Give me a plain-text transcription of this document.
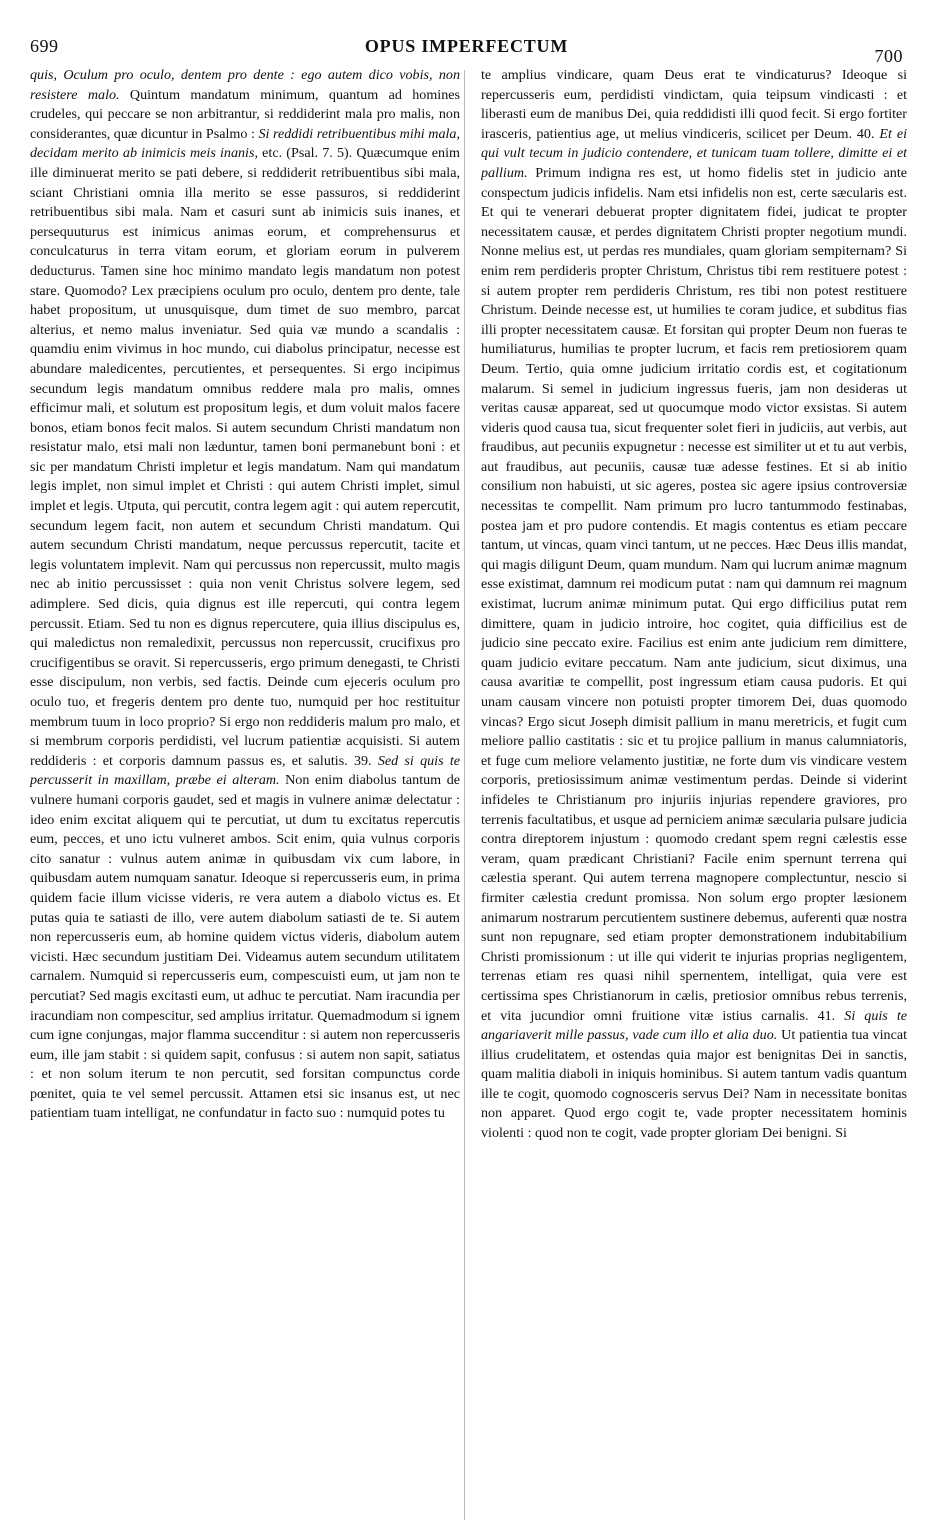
699	OPUS IMPERFECTUM	700

quis, Oculum pro oculo, dentem pro dente : ego autem dico vobis, non resistere malo. Quintum mandatum minimum, quantum ad homines crudeles, qui peccare se non arbitrantur, si reddiderint mala pro malis, non considerantes, quæ dicuntur in Psalmo : Si reddidi retribuentibus mihi mala, decidam merito ab inimicis meis inanis, etc. (Psal. 7. 5). Quæcumque enim ille diminuerat merito se pati debere, si reddiderit retribuentibus sibi mala, sciant Christiani omnia illa merito se esse passuros, si reddiderint retribuentibus sibi mala. Nam et casuri sunt ab inimicis suis inanes, et persequuturus est inimicus animas eorum, et comprehensurus et conculcaturus in terra vitam eorum, et gloriam eorum in pulverem deducturus. Tamen sine hoc minimo mandato legis mandatum non potest stare. Quomodo? Lex præcipiens oculum pro oculo, dentem pro dente, tale habet propositum, ut unusquisque, dum timet de suo membro, parcat alterius, et nemo malus inveniatur. Sed quia væ mundo a scandalis : quamdiu enim vivimus in hoc mundo, cui diabolus principatur, necesse est abundare maledicentes, percutientes, et persequentes. Si ergo incipimus secundum legis mandatum omnibus reddere mala pro malis, omnes efficimur mali, et solutum est propositum legis, et dum voluit malos facere bonos, etiam bonos fecit malos. Si autem secundum Christi mandatum non resistatur malo, etsi mali non læduntur, tamen boni permanebunt boni : et sic per mandatum Christi impletur et legis mandatum. Nam qui mandatum legis implet, non simul implet et Christi : qui autem Christi implet, simul implet et legis. Utputa, qui percutit, contra legem agit : qui autem repercutit, secundum legem facit, non autem et secundum Christi mandatum. Qui autem secundum Christi mandatum, neque percussus repercutit, tacite et legis voluntatem implevit. Nam qui percussus non repercussit, multo magis nec ab initio percussisset : quia non venit Christus solvere legem, sed adimplere. Sed dicis, quia dignus est ille repercuti, qui contra legem percussit. Etiam. Sed tu non es dignus repercutere, quia illius discipulus es, qui maledictus non remaledixit, percussus non repercussit, crucifixus pro crucifigentibus se oravit. Si repercusseris, ergo primum denegasti, te Christi esse discipulum, non verbis, sed factis. Deinde cum ejeceris oculum pro oculo tuo, et fregeris dentem pro dente tuo, numquid per hoc restituitur membrum tuum in loco proprio? Si ergo non reddideris malum pro malo, et si membrum corporis perdidisti, vel lucrum patientiæ acquisisti. Si autem reddideris : et corporis damnum passus es, et salutis. 39. Sed si quis te percusserit in maxillam, præbe ei alteram. Non enim diabolus tantum de vulnere humani corporis gaudet, sed et magis in vulnere animæ delectatur : ideo enim excitat aliquem qui te percutiat, ut dum tu excitatus repercutis eum, pecces, et uno ictu vulneret ambos. Scit enim, quia vulnus corporis cito sanatur : vulnus autem animæ in quibusdam vix cum labore, in quibusdam autem numquam sanatur. Ideoque si repercusseris eum, in prima quidem facie illum vicisse videris, re vera autem a diabolo victus es. Et putas quia te satiasti de illo, vere autem diabolum satiasti de te. Si autem non repercusseris eum, ab homine quidem victus videris, diabolum autem vicisti. Hæc secundum justitiam Dei. Videamus autem secundum utilitatem carnalem. Numquid si repercusseris eum, compescuisti eum, ut jam non te percutiat? Sed magis excitasti eum, ut adhuc te percutiat. Nam iracundia per iracundiam non compescitur, sed amplius irritatur. Quemadmodum si ignem cum igne conjungas, major flamma succenditur : si autem non repercusseris eum, ille jam stabit : si quidem sapit, confusus : si autem non sapit, satiatus : et non solum iterum te non percutit, sed forsitan compunctus corde pœnitet, quia te vel semel percussit. Attamen etsi sic insanus est, ut nec patientiam tuam intelligat, ne confundatur in facto suo : numquid potes tu

te amplius vindicare, quam Deus erat te vindicaturus? Ideoque si repercusseris eum, perdidisti vindictam, quia teipsum vindicasti : et liberasti eum de manibus Dei, quia reddidisti illi quod fecit. Si ergo fortiter irasceris, patientius age, ut melius vindiceris, scilicet per Deum. 40. Et ei qui vult tecum in judicio contendere, et tunicam tuam tollere, dimitte ei et pallium. Primum indigna res est, ut homo fidelis stet in judicio ante conspectum judicis infidelis. Nam etsi infidelis non est, certe sæcularis est. Et qui te venerari debuerat propter dignitatem fidei, judicat te propter necessitatem causæ, et perdes dignitatem Christi propter negotium mundi. Nonne melius est, ut perdas res mundiales, quam gloriam sempiternam? Si enim rem perdideris propter Christum, Christus tibi rem restituere potest : si autem propter rem perdideris Christum, res tibi non potest restituere Christum. Deinde necesse est, ut humilies te coram judice, et subditus fias illi propter necessitatem causæ. Et forsitan qui propter Deum non fueras te humiliaturus, humilias te propter lucrum, et facis rem pretiosiorem quam Deum. Tertio, quia omne judicium irritatio cordis est, et cogitationum malarum. Si semel in judicium ingressus fueris, jam non desideras ut veritas causæ appareat, sed ut quocumque modo victor exsistas. Si autem videris quod causa tua, sicut frequenter solet fieri in judiciis, aut verbis, aut fraudibus, aut pecuniis expugnetur : necesse est similiter ut et tu aut verbis, aut fraudibus, aut pecuniis, causæ tuæ adesse festines. Et si ab initio consilium non habuisti, ut sic ageres, postea sic agere ipsius controversiæ necessitas te compellit. Nam primum pro lucro tantummodo festinabas, postea jam et pro pudore contendis. Et magis contentus es etiam peccare tantum, ut vincas, quam vinci tantum, ut ne pecces. Hæc Deus illis mandat, qui magis diligunt Deum, quam mundum. Nam qui lucrum animæ magnum esse existimat, damnum rei modicum putat : nam qui damnum rei magnum existimat, lucrum animæ minimum putat. Qui ergo difficilius putat rem dimittere, quam in judicio introire, hoc cogitet, quia difficilius est de judicio sine peccato exire. Facilius est enim ante judicium rem dimittere, quam judicio evitare peccatum. Nam ante judicium, sicut diximus, una causa avaritiæ te compellit, post ingressum etiam causa pudoris. Et qui unam causam vincere non potuisti propter timorem Dei, duas quomodo vincas? Ergo sicut Joseph dimisit pallium in manu meretricis, et fugit cum meliore pallio castitatis : sic et tu projice pallium in manus calumniatoris, et fuge cum meliore velamento justitiæ, ne forte dum vis vindicare vestem corporis, pretiosissimum animæ vestimentum perdas. Deinde si viderint infideles te Christianum pro injuriis injurias rependere graviores, pro terrenis facultatibus, et usque ad perniciem animæ sæcularia pulsare judicia contra direptorem injustum : quomodo credant spem regni cælestis esse veram, quam prædicant Christiani? Facile enim spernunt terrena qui cælestia sperant. Qui autem terrena magnopere complectuntur, nescio si firmiter cælestia credunt promissa. Non solum ergo propter læsionem animarum nostrarum percutientem sustinere debemus, auferenti quæ nostra sunt non repugnare, sed etiam propter demonstrationem indubitabilium Christi promissionum : ut ille qui viderit te injurias proprias negligentem, terrenas etiam res quasi nihil spernentem, intelligat, quia vere est certissima spes Christianorum in cælis, pretiosior omnibus rebus terrenis, et vita jucundior omni fruitione vitæ istius carnalis. 41. Si quis te angariaverit mille passus, vade cum illo et alia duo. Ut patientia tua vincat illius crudelitatem, et ostendas quia major est benignitas Dei in sanctis, quam malitia diaboli in iniquis hominibus. Si autem tantum vadis quantum ille te cogit, quomodo cognosceris servus Dei? Nam in necessitate bonitas non apparet. Quod ergo cogit te, vade propter necessitatem hominis violenti : quod non te cogit, vade propter gloriam Dei benigni. Si
